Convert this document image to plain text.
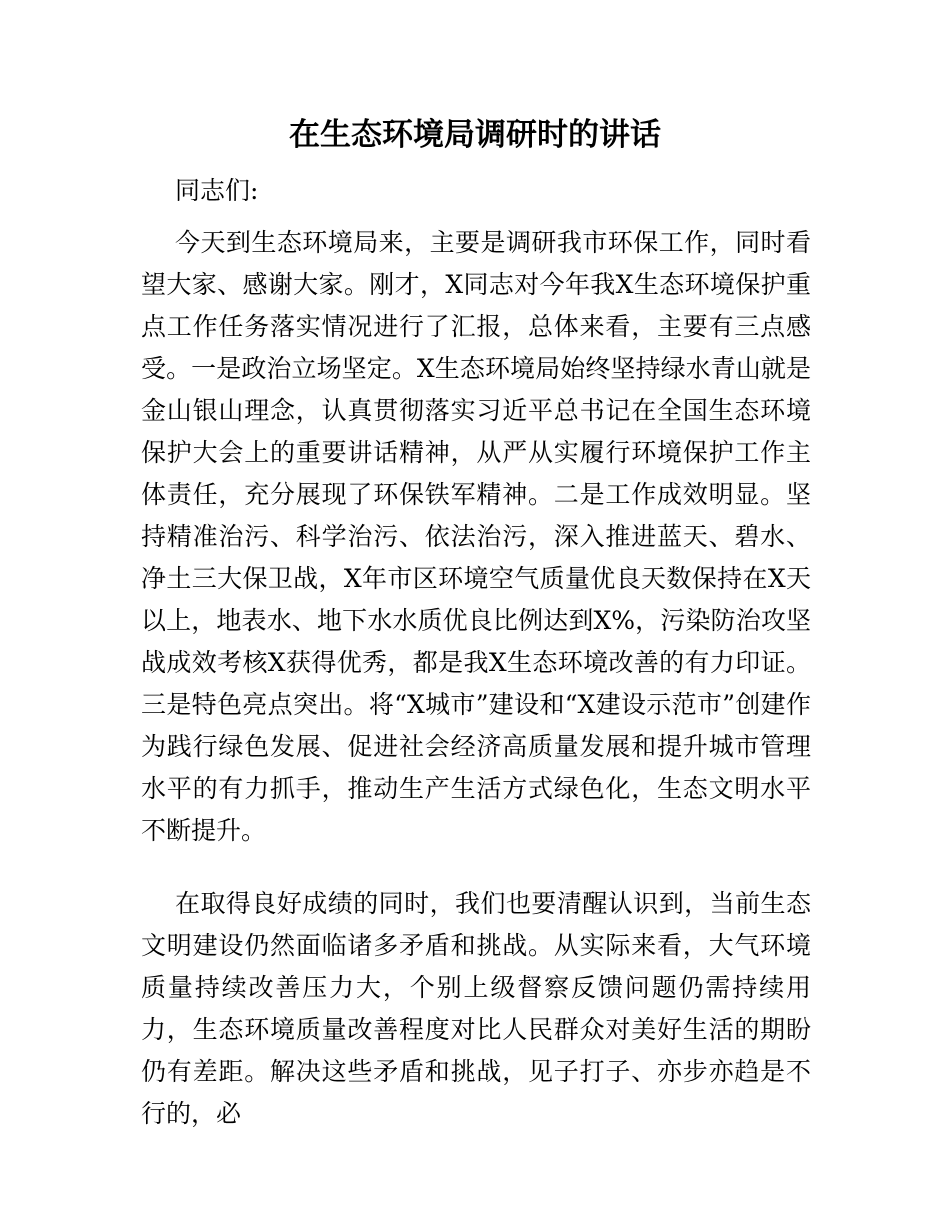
在生态环境局调研时的讲话

同志们:

今天到生态环境局来，主要是调研我市环保工作，同时看望大家、感谢大家。刚才，X同志对今年我X生态环境保护重点工作任务落实情况进行了汇报，总体来看，主要有三点感受。一是政治立场坚定。X生态环境局始终坚持绿水青山就是金山银山理念，认真贯彻落实习近平总书记在全国生态环境保护大会上的重要讲话精神，从严从实履行环境保护工作主体责任，充分展现了环保铁军精神。二是工作成效明显。坚持精准治污、科学治污、依法治污，深入推进蓝天、碧水、净土三大保卫战，X年市区环境空气质量优良天数保持在X天以上，地表水、地下水水质优良比例达到X%，污染防治攻坚战成效考核X获得优秀，都是我X生态环境改善的有力印证。三是特色亮点突出。将“X城市”建设和“X建设示范市”创建作为践行绿色发展、促进社会经济高质量发展和提升城市管理水平的有力抓手，推动生产生活方式绿色化，生态文明水平不断提升。

在取得良好成绩的同时，我们也要清醒认识到，当前生态文明建设仍然面临诸多矛盾和挑战。从实际来看，大气环境质量持续改善压力大，个别上级督察反馈问题仍需持续用力，生态环境质量改善程度对比人民群众对美好生活的期盼仍有差距。解决这些矛盾和挑战，见子打子、亦步亦趋是不行的，必
